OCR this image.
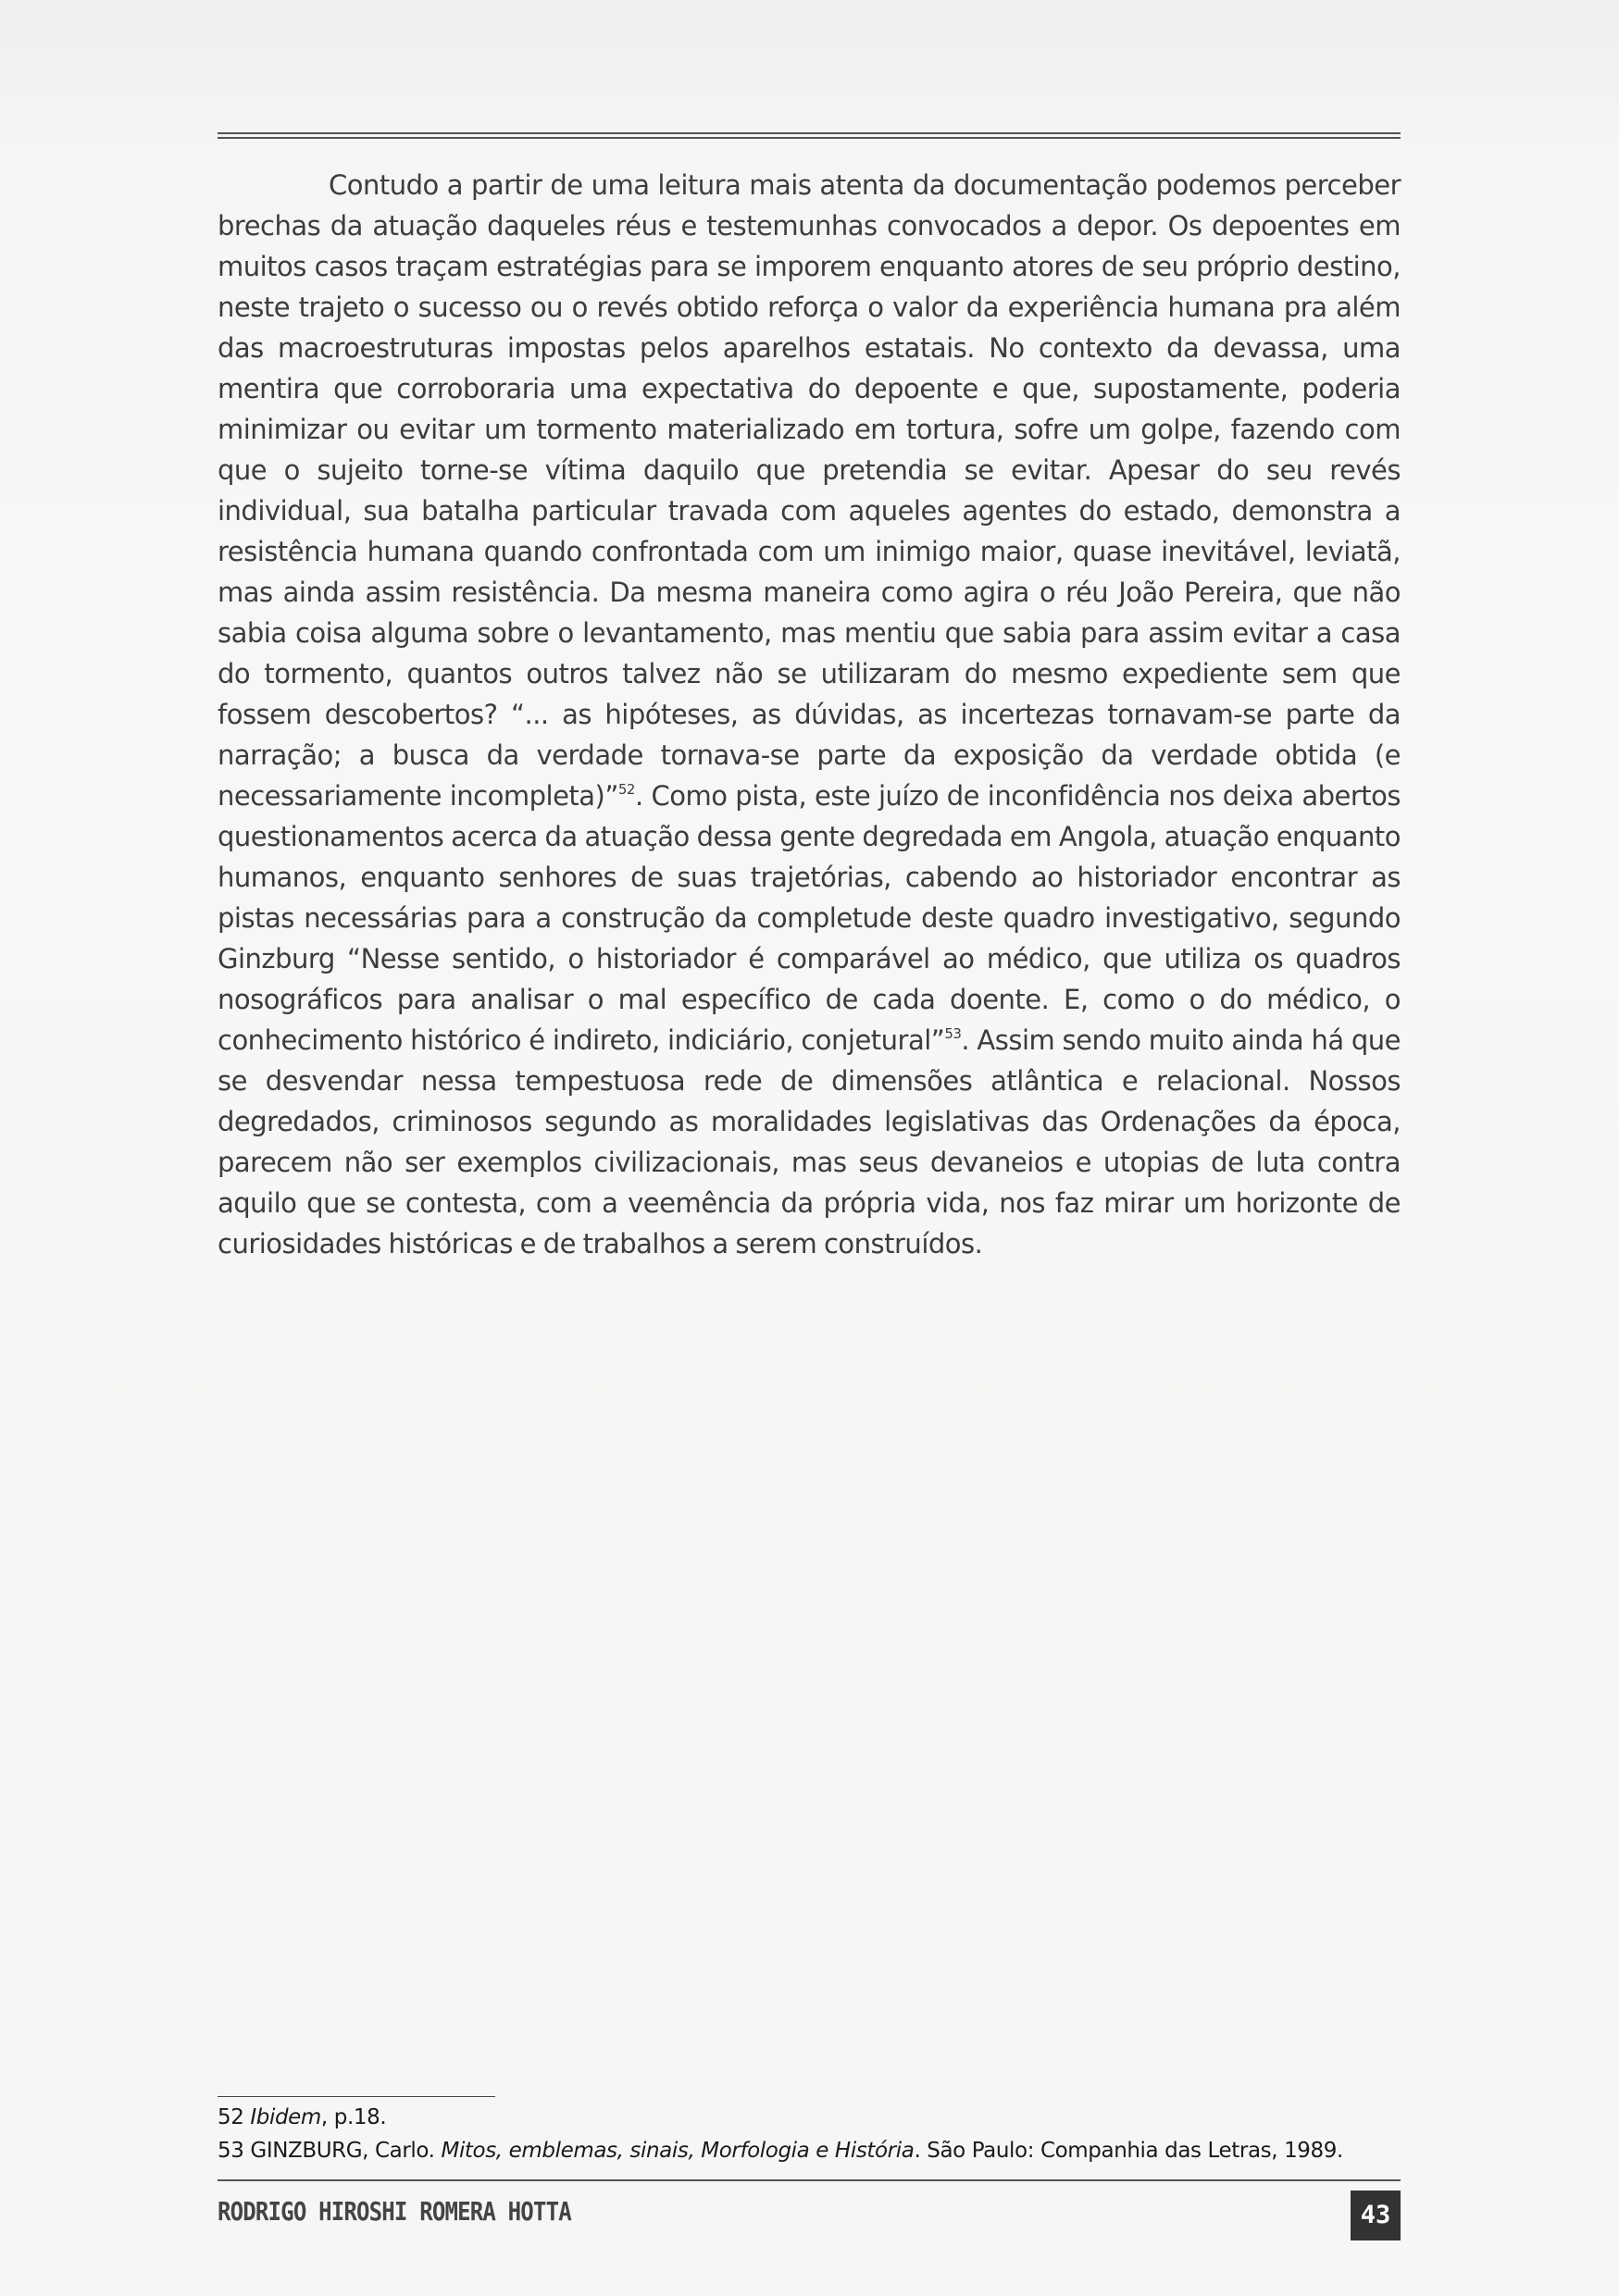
Contudo a partir de uma leitura mais atenta da documentação podemos perceber brechas da atuação daqueles réus e testemunhas convocados a depor. Os depoentes em muitos casos traçam estratégias para se imporem enquanto atores de seu próprio destino, neste trajeto o sucesso ou o revés obtido reforça o valor da experiência humana pra além das macroestruturas impostas pelos aparelhos estatais. No contexto da devassa, uma mentira que corroboraria uma expectativa do depoente e que, supostamente, poderia minimizar ou evitar um tormento materializado em tortura, sofre um golpe, fazendo com que o sujeito torne-se vítima daquilo que pretendia se evitar. Apesar do seu revés individual, sua batalha particular travada com aqueles agentes do estado, demonstra a resistência humana quando confrontada com um inimigo maior, quase inevitável, leviatã, mas ainda assim resistência. Da mesma maneira como agira o réu João Pereira, que não sabia coisa alguma sobre o levantamento, mas mentiu que sabia para assim evitar a casa do tormento, quantos outros talvez não se utilizaram do mesmo expediente sem que fossem descobertos? “... as hipóteses, as dúvidas, as incertezas tornavam-se parte da narração; a busca da verdade tornava-se parte da exposição da verdade obtida (e necessariamente incompleta)”$^{52}$. Como pista, este juízo de inconfidência nos deixa abertos questionamentos acerca da atuação dessa gente degredada em Angola, atuação enquanto humanos, enquanto senhores de suas trajetórias, cabendo ao historiador encontrar as pistas necessárias para a construção da completude deste quadro investigativo, segundo Ginzburg “Nesse sentido, o historiador é comparável ao médico, que utiliza os quadros nosográficos para analisar o mal específico de cada doente. E, como o do médico, o conhecimento histórico é indireto, indiciário, conjetural”$^{53}$. Assim sendo muito ainda há que se desvendar nessa tempestuosa rede de dimensões atlântica e relacional. Nossos degredados, criminosos segundo as moralidades legislativas das Ordenações da época, parecem não ser exemplos civilizacionais, mas seus devaneios e utopias de luta contra aquilo que se contesta, com a veemência da própria vida, nos faz mirar um horizonte de curiosidades históricas e de trabalhos a serem construídos.

52 Ibidem, p.18.

53 GINZBURG, Carlo. Mitos, emblemas, sinais, Morfologia e História. São Paulo: Companhia das Letras, 1989.

RODRIGO HIROSHI ROMERA HOTTA	43
